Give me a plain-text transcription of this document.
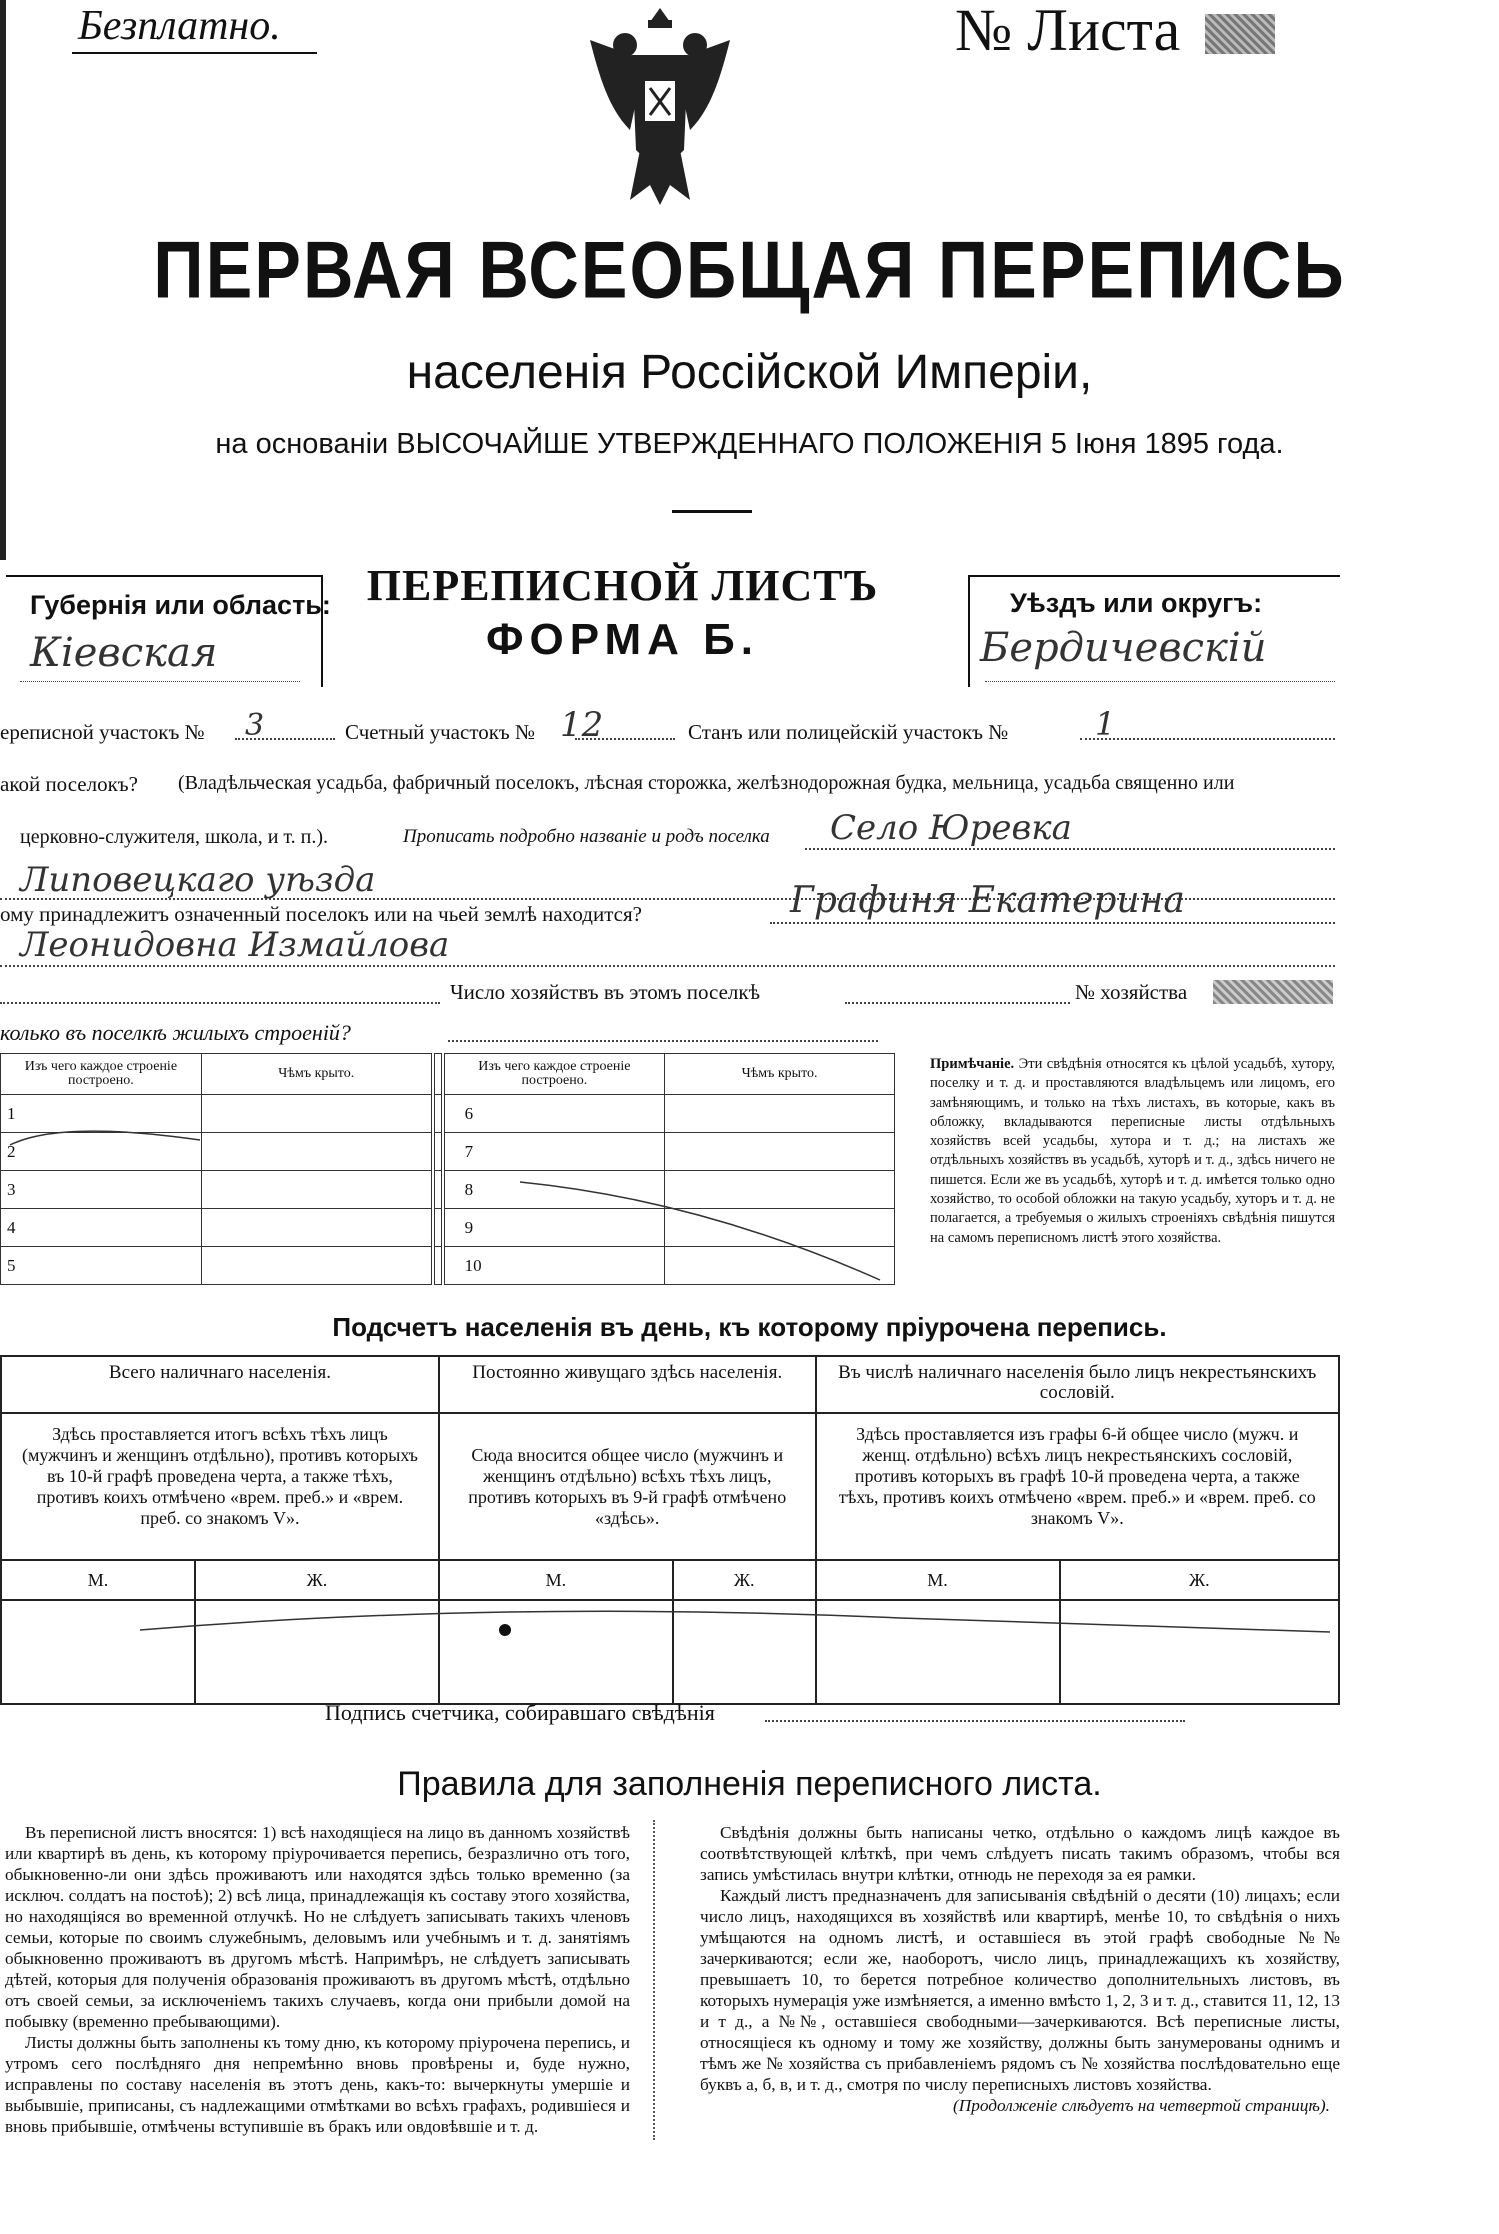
Безплатно.	№ Листа
ПЕРВАЯ ВСЕОБЩАЯ ПЕРЕПИСЬ
населенія Россійской Имперіи,
на основаніи ВЫСОЧАЙШЕ УТВЕРЖДЕННАГО ПОЛОЖЕНІЯ 5 Іюня 1895 года.
Губернія или область:
Кіевская
ПЕРЕПИСНОЙ ЛИСТЪ
ФОРМА Б.
Уѣздъ или округъ:
Бердичевскій
ереписной участокъ № 3	Счетный участокъ № 12	Станъ или полицейскій участокъ №	1
акой поселокъ? (Владѣльческая усадьба, фабричный поселокъ, лѣсная сторожка, желѣзнодорожная будка, мельница, усадьба священно или
церковно-служителя, школа, и т. п.).	Прописать подробно названіе и родъ поселка Село Юревка
Липовецкаго уѣзда
ому принадлежитъ означенный поселокъ или на чьей землѣ находится?	Графиня Екатерина
Леонидовна Измайлова
Число хозяйствъ въ этомъ поселкѣ	№ хозяйства
колько въ поселкѣ жилыхъ строеній?
Изъ чего каждое строеніе построено.	Чѣмъ крыто.		Изъ чего каждое строеніе построено.	Чѣмъ крыто.
1			6	
2			7	
3			8	
4			9	
5			10	
Примѣчаніе. Эти свѣдѣнія относятся къ цѣлой усадьбѣ, хутору, поселку и т. д. и проставляются владѣльцемъ или лицомъ, его замѣняющимъ, и только на тѣхъ листахъ, въ которые, какъ въ обложку, вкладываются переписные листы отдѣльныхъ хозяйствъ всей усадьбы, хутора и т. д.; на листахъ же отдѣльныхъ хозяйствъ въ усадьбѣ, хуторѣ и т. д., здѣсь ничего не пишется. Если же въ усадьбѣ, хуторѣ и т. д. имѣется только одно хозяйство, то особой обложки на такую усадьбу, хуторъ и т. д. не полагается, а требуемыя о жилыхъ строеніяхъ свѣдѣнія пишутся на самомъ переписномъ листѣ этого хозяйства.
Подсчетъ населенія въ день, къ которому пріурочена перепись.
Всего наличнаго населенія.		Постоянно живущаго здѣсь населенія.		Въ числѣ наличнаго населенія было лицъ некрестьянскихъ сословій.	
Здѣсь проставляется итогъ всѣхъ тѣхъ лицъ (мужчинъ и женщинъ отдѣльно), противъ которыхъ въ 10-й графѣ проведена черта, а также тѣхъ, противъ коихъ отмѣчено «врем. преб.» и «врем. преб. со знакомъ V».		Сюда вносится общее число (мужчинъ и женщинъ отдѣльно) всѣхъ тѣхъ лицъ, противъ которыхъ въ 9-й графѣ отмѣчено «здѣсь».		Здѣсь проставляется изъ графы 6-й общее число (мужч. и женщ. отдѣльно) всѣхъ лицъ некрестьянскихъ сословій, противъ которыхъ въ графѣ 10-й проведена черта, а также тѣхъ, противъ коихъ отмѣчено «врем. преб.» и «врем. преб. со знакомъ V».	
М.	Ж.	М.	Ж.	М.	Ж.

Подпись счетчика, собиравшаго свѣдѣнія
Правила для заполненія переписного листа.
Въ переписной листъ вносятся: 1) всѣ находящіеся на лицо въ данномъ хозяйствѣ или квартирѣ въ день, къ которому пріурочивается перепись, безразлично отъ того, обыкновенно-ли они здѣсь проживаютъ или находятся здѣсь только временно (за исключ. солдатъ на постоѣ); 2) всѣ лица, принадлежащія къ составу этого хозяйства, но находящіяся во временной отлучкѣ. Но не слѣдуетъ записывать такихъ членовъ семьи, которые по своимъ служебнымъ, деловымъ или учебнымъ и т. д. занятіямъ обыкновенно проживаютъ въ другомъ мѣстѣ. Напримѣръ, не слѣдуетъ записывать дѣтей, которыя для полученія образованія проживаютъ въ другомъ мѣстѣ, отдѣльно отъ своей семьи, за исключеніемъ такихъ случаевъ, когда они прибыли домой на побывку (временно пребывающими).
Листы должны быть заполнены къ тому дню, къ которому пріурочена перепись, и утромъ сего послѣдняго дня непремѣнно вновь провѣрены и, буде нужно, исправлены по составу населенія въ этотъ день, какъ-то: вычеркнуты умершіе и выбывшіе, приписаны, съ надлежащими отмѣтками во всѣхъ графахъ, родившіеся и вновь прибывшіе, отмѣчены вступившіе въ бракъ или овдовѣвшіе и т. д.
Свѣдѣнія должны быть написаны четко, отдѣльно о каждомъ лицѣ каждое въ соотвѣтствующей клѣткѣ, при чемъ слѣдуетъ писать такимъ образомъ, чтобы вся запись умѣстилась внутри клѣтки, отнюдь не переходя за ея рамки.
Каждый листъ предназначенъ для записыванія свѣдѣній о десяти (10) лицахъ; если число лицъ, находящихся въ хозяйствѣ или квартирѣ, менѣе 10, то свѣдѣнія о нихъ умѣщаются на одномъ листѣ, и оставшіеся въ этой графѣ свободные №№ зачеркиваются; если же, наоборотъ, число лицъ, принадлежащихъ къ хозяйству, превышаетъ 10, то берется потребное количество дополнительныхъ листовъ, въ которыхъ нумерація уже измѣняется, а именно вмѣсто 1, 2, 3 и т. д., ставится 11, 12, 13 и т д., а №№, оставшіеся свободными—зачеркиваются. Всѣ переписные листы, относящіеся къ одному и тому же хозяйству, должны быть занумерованы однимъ и тѣмъ же № хозяйства съ прибавленіемъ рядомъ съ № хозяйства послѣдовательно еще буквъ а, б, в, и т. д., смотря по числу переписныхъ листовъ хозяйства.
(Продолженіе слѣдуетъ на четвертой страницѣ).
